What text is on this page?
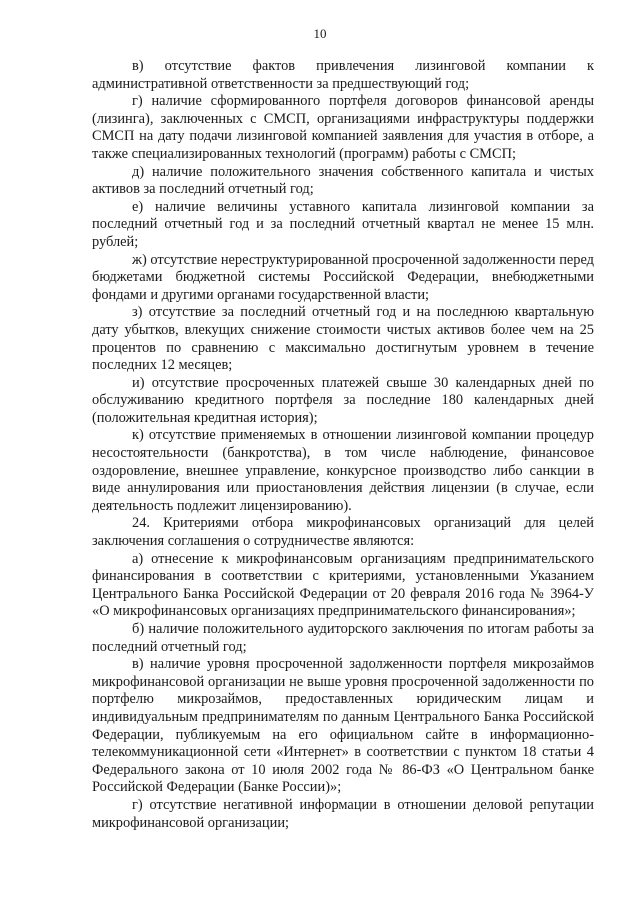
10

в) отсутствие фактов привлечения лизинговой компании к административной ответственности за предшествующий год;

г) наличие сформированного портфеля договоров финансовой аренды (лизинга), заключенных с СМСП, организациями инфраструктуры поддержки СМСП на дату подачи лизинговой компанией заявления для участия в отборе, а также специализированных технологий (программ) работы с СМСП;

д) наличие положительного значения собственного капитала и чистых активов за последний отчетный год;

е) наличие величины уставного капитала лизинговой компании за последний отчетный год и за последний отчетный квартал не менее 15 млн. рублей;

ж) отсутствие нереструктурированной просроченной задолженности перед бюджетами бюджетной системы Российской Федерации, внебюджетными фондами и другими органами государственной власти;

з) отсутствие за последний отчетный год и на последнюю квартальную дату убытков, влекущих снижение стоимости чистых активов более чем на 25 процентов по сравнению с максимально достигнутым уровнем в течение последних 12 месяцев;

и) отсутствие просроченных платежей свыше 30 календарных дней по обслуживанию кредитного портфеля за последние 180 календарных дней (положительная кредитная история);

к) отсутствие применяемых в отношении лизинговой компании процедур несостоятельности (банкротства), в том числе наблюдение, финансовое оздоровление, внешнее управление, конкурсное производство либо санкции в виде аннулирования или приостановления действия лицензии (в случае, если деятельность подлежит лицензированию).

24. Критериями отбора микрофинансовых организаций для целей заключения соглашения о сотрудничестве являются:

а) отнесение к микрофинансовым организациям предпринимательского финансирования в соответствии с критериями, установленными Указанием Центрального Банка Российской Федерации от 20 февраля 2016 года № 3964-У «О микрофинансовых организациях предпринимательского финансирования»;

б) наличие положительного аудиторского заключения по итогам работы за последний отчетный год;

в) наличие уровня просроченной задолженности портфеля микрозаймов микрофинансовой организации не выше уровня просроченной задолженности по портфелю микрозаймов, предоставленных юридическим лицам и индивидуальным предпринимателям по данным Центрального Банка Российской Федерации, публикуемым на его официальном сайте в информационно-телекоммуникационной сети «Интернет» в соответствии с пунктом 18 статьи 4 Федерального закона от 10 июля 2002 года № 86-ФЗ «О Центральном банке Российской Федерации (Банке России)»;

г) отсутствие негативной информации в отношении деловой репутации микрофинансовой организации;
